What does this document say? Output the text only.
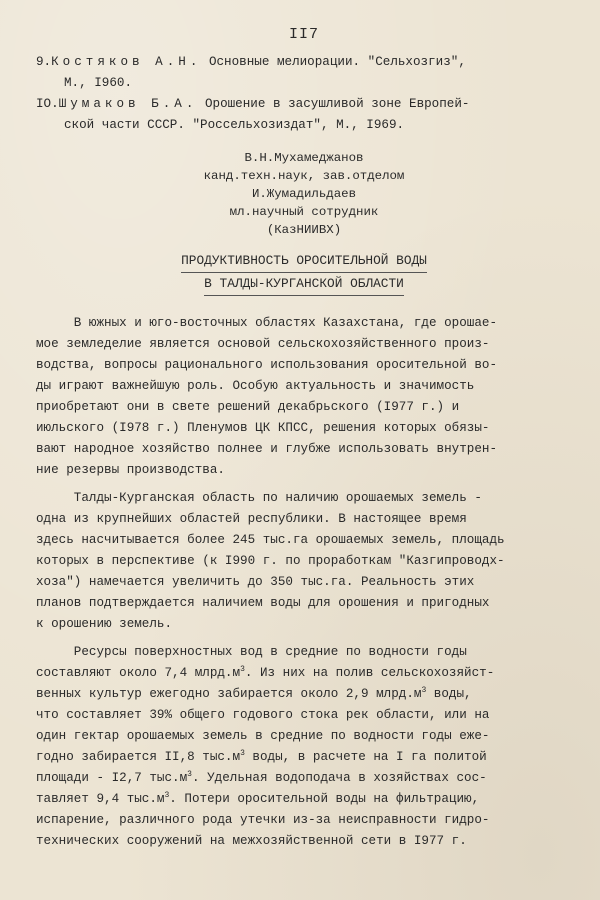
II7
9.Костяков А.Н. Основные мелиорации. "Сельхозгиз",
М., I960.
IO.Шумаков Б.А. Орошение в засушливой зоне Европей-
ской части СССР. "Россельхозиздат", М., I969.
В.Н.Мухамеджанов
канд.техн.наук, зав.отделом
И.Жумадильдаев
мл.научный сотрудник
(КазНИИВХ)
ПРОДУКТИВНОСТЬ ОРОСИТЕЛЬНОЙ ВОДЫ
В ТАЛДЫ-КУРГАНСКОЙ ОБЛАСТИ
В южных и юго-восточных областях Казахстана, где орошае-
мое земледелие является основой сельскохозяйственного произ-
водства, вопросы рационального использования оросительной во-
ды играют важнейшую роль. Особую актуальность и значимость
приобретают они в свете решений декабрьского (I977 г.) и
июльского (I978 г.) Пленумов ЦК КПСС, решения которых обязы-
вают народное хозяйство полнее и глубже использовать внутрен-
ние резервы производства.
Талды-Курганская область по наличию орошаемых земель -
одна из крупнейших областей республики. В настоящее время
здесь насчитывается более 245 тыс.га орошаемых земель, площадь
которых в перспективе (к I990 г. по проработкам "Казгипроводх-
хоза") намечается увеличить до 350 тыс.га. Реальность этих
планов подтверждается наличием воды для орошения и пригодных
к орошению земель.
Ресурсы поверхностных вод в средние по водности годы
составляют около 7,4 $млрд.м^3$. Из них на полив сельскохозяйст-
венных культур ежегодно забирается около 2,9 $млрд.м^3$ воды,
что составляет 39% общего годового стока рек области, или на
один гектар орошаемых земель в средние по водности годы еже-
годно забирается II,8 $тыс.м^3$ воды, в расчете на I га политой
площади - I2,7 $тыс.м^3$. Удельная водоподача в хозяйствах сос-
тавляет 9,4 $тыс.м^3$. Потери оросительной воды на фильтрацию,
испарение, различного рода утечки из-за неисправности гидро-
технических сооружений на межхозяйственной сети в I977 г.
